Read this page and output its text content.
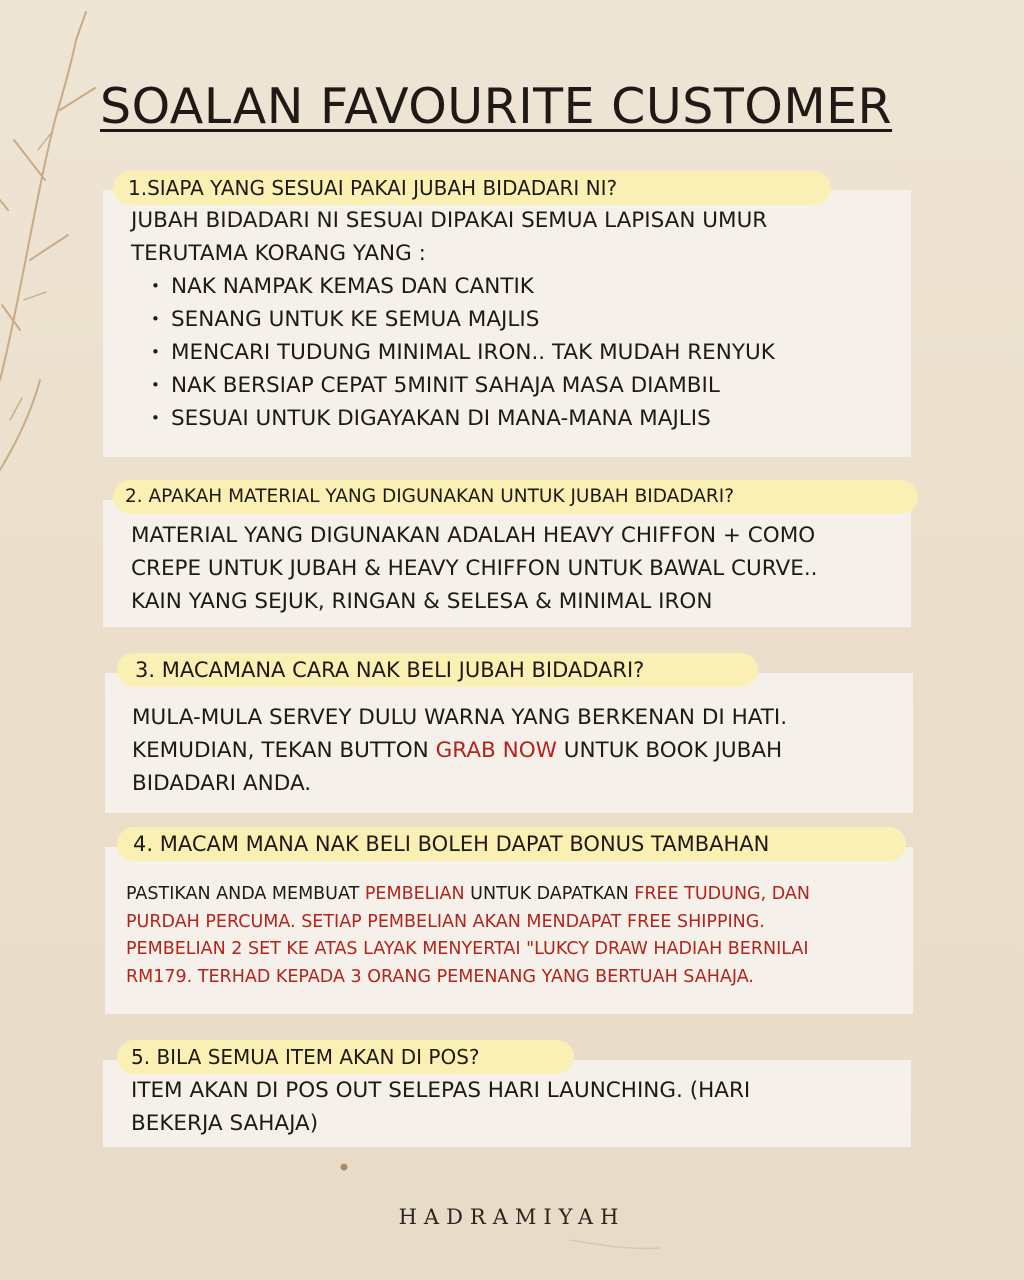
SOALAN FAVOURITE CUSTOMER
1.SIAPA YANG SESUAI PAKAI JUBAH BIDADARI NI?
JUBAH BIDADARI NI SESUAI DIPAKAI SEMUA LAPISAN UMUR
TERUTAMA KORANG YANG :
• NAK NAMPAK KEMAS DAN CANTIK
• SENANG UNTUK KE SEMUA MAJLIS
• MENCARI TUDUNG MINIMAL IRON.. TAK MUDAH RENYUK
• NAK BERSIAP CEPAT 5MINIT SAHAJA MASA DIAMBIL
• SESUAI UNTUK DIGAYAKAN DI MANA-MANA MAJLIS
2. APAKAH MATERIAL YANG DIGUNAKAN UNTUK JUBAH BIDADARI?
MATERIAL YANG DIGUNAKAN ADALAH HEAVY CHIFFON + COMO
CREPE UNTUK JUBAH & HEAVY CHIFFON UNTUK BAWAL CURVE..
KAIN YANG SEJUK, RINGAN & SELESA & MINIMAL IRON
3. MACAMANA CARA NAK BELI JUBAH BIDADARI?
MULA-MULA SERVEY DULU WARNA YANG BERKENAN DI HATI.
KEMUDIAN, TEKAN BUTTON GRAB NOW UNTUK BOOK JUBAH
BIDADARI ANDA.
4. MACAM MANA NAK BELI BOLEH DAPAT BONUS TAMBAHAN
PASTIKAN ANDA MEMBUAT PEMBELIAN UNTUK DAPATKAN FREE TUDUNG, DAN
PURDAH PERCUMA. SETIAP PEMBELIAN AKAN MENDAPAT FREE SHIPPING.
PEMBELIAN 2 SET KE ATAS LAYAK MENYERTAI "LUKCY DRAW HADIAH BERNILAI
RM179. TERHAD KEPADA 3 ORANG PEMENANG YANG BERTUAH SAHAJA.
5. BILA SEMUA ITEM AKAN DI POS?
ITEM AKAN DI POS OUT SELEPAS HARI LAUNCHING. (HARI
BEKERJA SAHAJA)
HADRAMIYAH
